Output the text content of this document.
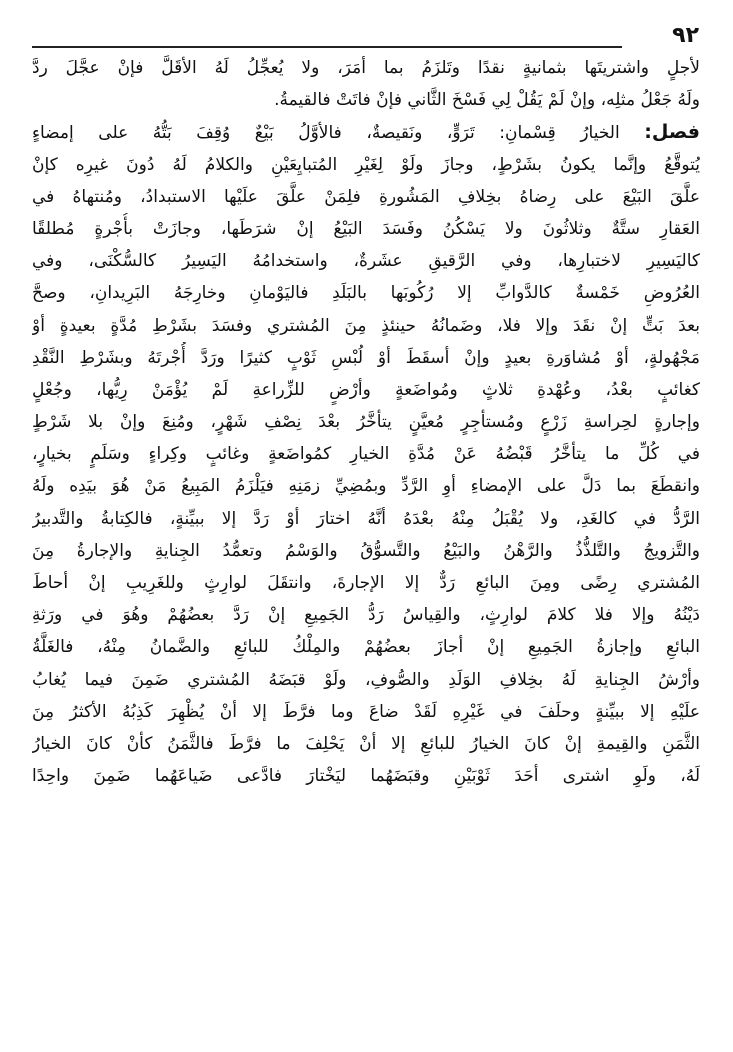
٩٢
لأجلٍ واشتريتَها بثمانيةٍ نقدًا وتَلزَمُ بما أمَرَ، ولا يُعجِّلُ لَهُ الأقَلَّ فإنْ عجَّلَ ردَّ
ولَهُ جَعْلُ مثلِه، وإنْ لَمْ يَقُلْ لِي فَسْخَ الثَّاني فإنْ فاتَتْ فالقيمةُ.
فصل: الخيارُ قِسْمانِ: تَرَوٍّ، ونَقيصةٌ، فالأوَّلُ بَيْعٌ وُقِفَ بَتُّهُ على إمضاءٍ
يُتوقَّعُ وإنَّما يكونُ بشَرْطٍ، وجازَ ولَوْ لِغَيْرِ المُتبايِعَيْنِ والكلامُ لَهُ دُونَ غيرِه كإنْ
علَّقَ البَيْعَ على رِضاهُ بخِلافِ المَشُورةِ فلِمَنْ علَّقَ علَيْها الاستبدادُ، ومُنتهاهُ في
العَقارِ ستَّةٌ وثلاثُونَ ولا يَسْكُنُ وفَسَدَ البَيْعُ إنْ شرَطَها، وجازَتْ بأُجْرةٍ مُطلقًا
كاليَسِيرِ لاختبارِها، وفي الرَّقيقِ عشَرةٌ، واستخدامُهُ اليَسِيرُ كالسُّكْنَى، وفي
العُرُوضِ خَمْسةٌ كالدَّوابِّ إلا رُكُوبَها بالبَلَدِ فاليَوْمانِ وخارِجَهُ البَرِيدانِ، وصحَّ
بعدَ بَتٍّ إنْ نقَدَ وإلا فلا، وضَمانُهُ حينئذٍ مِنَ المُشتري وفسَدَ بشَرْطِ مُدَّةٍ بعيدةٍ أوْ
مَجْهُولةٍ، أوْ مُشاوَرةِ بعيدٍ وإنْ أسقَطَ أوْ لُبْسِ ثَوْبٍ كثيرًا ورَدَّ أُجْرتَهُ وبشَرْطِ النَّقْدِ
كغائبٍ بعْدُ، وعُهْدةِ ثلاثٍ ومُواضَعةٍ وأرْضٍ للزِّراعةِ لَمْ يُؤْمَنْ رِيُّها، وجُعْلٍ
وإجارةٍ لحِراسةِ زَرْعٍ ومُستأجِرٍ مُعيَّنٍ يتأخَّرُ بعْدَ نِصْفِ شَهْرٍ، ومُنِعَ وإنْ بلا شَرْطٍ
في كُلِّ ما يتأخَّرُ قَبْضُهُ عَنْ مُدَّةِ الخيارِ كمُواضَعةٍ وغائبٍ وكِراءٍ وسَلَمٍ بخيارٍ،
وانقطَعَ بما دَلَّ على الإمضاءِ أوِ الرَّدِّ وبمُضِيِّ زمَنِهِ فيَلْزَمُ المَبِيعُ مَنْ هُوَ بيَدِه ولَهُ
الرَّدُّ في كالغَدِ، ولا يُقْبَلُ مِنْهُ بعْدَهُ أنَّهُ اختارَ أوْ رَدَّ إلا ببيِّنةٍ، فالكِتابةُ والتَّدبيرُ
والتَّزويجُ والتَّلذُّذُ والرَّهْنُ والبَيْعُ والتَّسوُّقُ والوَسْمُ وتعمُّدُ الجِنايةِ والإجارةُ مِنَ
المُشتري رِضًى ومِنَ البائعِ رَدٌّ إلا الإجارةَ، وانتقَلَ لوارِثٍ وللغَرِيبِ إنْ أحاطَ
دَيْنُهُ وإلا فلا كلامَ لوارِثٍ، والقِياسُ رَدُّ الجَمِيعِ إنْ رَدَّ بعضُهُمْ وهُوَ في ورَثةِ
البائعِ وإجازةُ الجَمِيعِ إنْ أجازَ بعضُهُمْ والمِلْكُ للبائعِ والضَّمانُ مِنْهُ، فالغَلَّةُ
وأرْشُ الجِنايةِ لَهُ بخِلافِ الوَلَدِ والصُّوفِ، ولَوْ قبَضَهُ المُشتري ضَمِنَ فيما يُغابُ
علَيْهِ إلا ببيِّنةٍ وحلَفَ في غَيْرِهِ لَقَدْ ضاعَ وما فرَّطَ إلا أنْ يُظْهِرَ كَذِبُهُ الأكثرُ مِنَ
الثَّمَنِ والقِيمةِ إنْ كانَ الخيارُ للبائعِ إلا أنْ يَحْلِفَ ما فرَّطَ فالثَّمَنُ كأنْ كانَ الخيارُ
لَهُ، ولَوِ اشترى أحَدَ ثَوْبَيْنِ وقبَضَهُما ليَخْتارَ فادَّعى ضَياعَهُما ضَمِنَ واحِدًا
